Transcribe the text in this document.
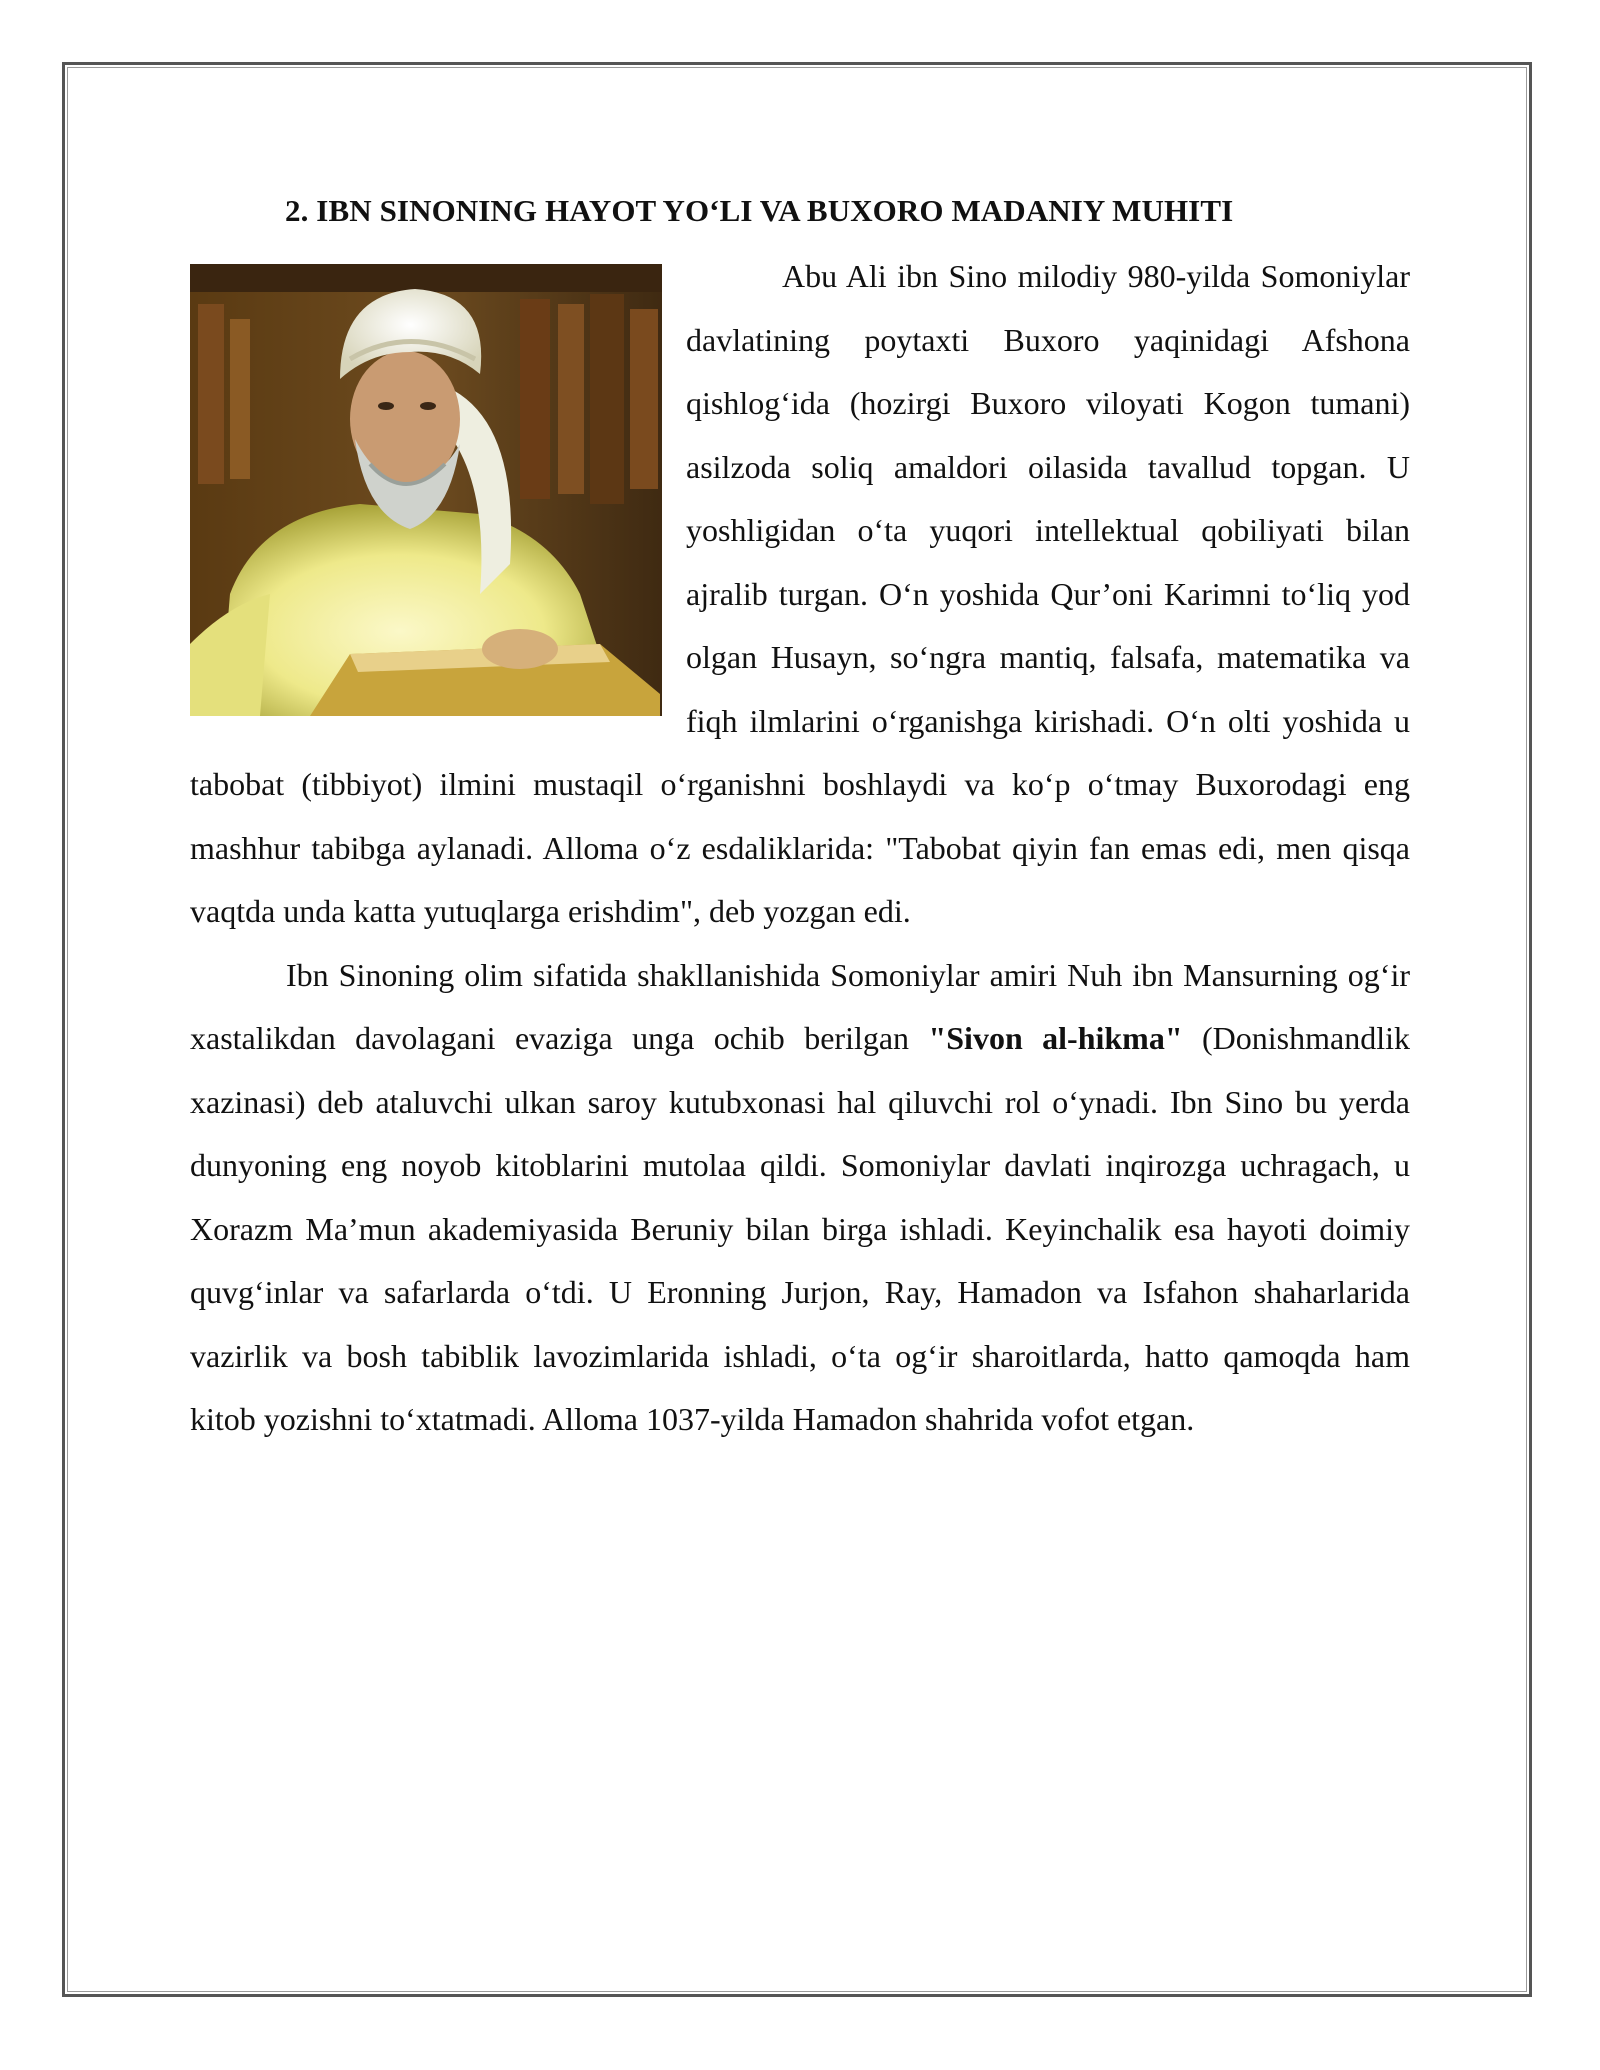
2. IBN SINONING HAYOT YO‘LI VA BUXORO MADANIY MUHITI

Abu Ali ibn Sino milodiy 980-yilda Somoniylar davlatining poytaxti Buxoro yaqinidagi Afshona qishlog‘ida (hozirgi Buxoro viloyati Kogon tumani) asilzoda soliq amaldori oilasida tavallud topgan. U yoshligidan o‘ta yuqori intellektual qobiliyati bilan ajralib turgan. O‘n yoshida Qur’oni Karimni to‘liq yod olgan Husayn, so‘ngra mantiq, falsafa, matematika va fiqh ilmlarini o‘rganishga kirishadi. O‘n olti yoshida u tabobat (tibbiyot) ilmini mustaqil o‘rganishni boshlaydi va ko‘p o‘tmay Buxorodagi eng mashhur tabibga aylanadi. Alloma o‘z esdaliklarida: "Tabobat qiyin fan emas edi, men qisqa vaqtda unda katta yutuqlarga erishdim", deb yozgan edi.

Ibn Sinoning olim sifatida shakllanishida Somoniylar amiri Nuh ibn Mansurning og‘ir xastalikdan davolagani evaziga unga ochib berilgan "Sivon al-hikma" (Donishmandlik xazinasi) deb ataluvchi ulkan saroy kutubxonasi hal qiluvchi rol o‘ynadi. Ibn Sino bu yerda dunyoning eng noyob kitoblarini mutolaa qildi. Somoniylar davlati inqirozga uchragach, u Xorazm Ma’mun akademiyasida Beruniy bilan birga ishladi. Keyinchalik esa hayoti doimiy quvg‘inlar va safarlarda o‘tdi. U Eronning Jurjon, Ray, Hamadon va Isfahon shaharlarida vazirlik va bosh tabiblik lavozimlarida ishladi, o‘ta og‘ir sharoitlarda, hatto qamoqda ham kitob yozishni to‘xtatmadi. Alloma 1037-yilda Hamadon shahrida vofot etgan.
